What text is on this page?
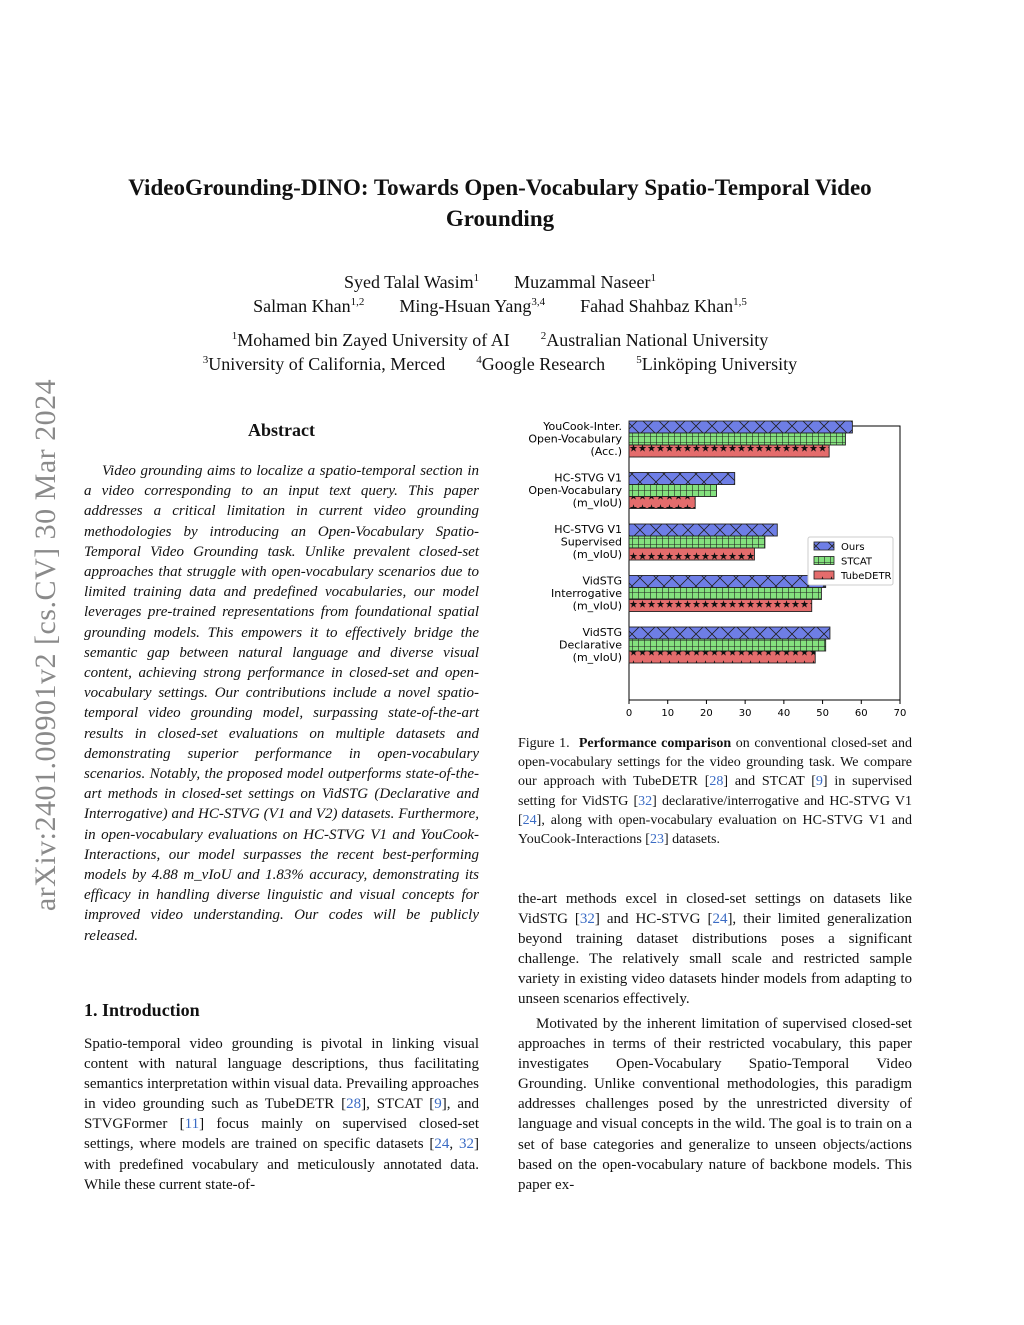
arXiv:2401.00901v2 [cs.CV] 30 Mar 2024
VideoGrounding-DINO: Towards Open-Vocabulary Spatio-Temporal Video Grounding
Syed Talal Wasim$^1$ Muzammal Naseer$^1$
Salman Khan$^{1,2}$ Ming-Hsuan Yang$^{3,4}$ Fahad Shahbaz Khan$^{1,5}$
$^1$Mohamed bin Zayed University of AI	$^2$Australian National University
$^3$University of California, Merced	$^4$Google Research	$^5$Linköping University
Abstract

Video grounding aims to localize a spatio-temporal section in a video corresponding to an input text query. This paper addresses a critical limitation in current video grounding methodologies by introducing an Open-Vocabulary Spatio-Temporal Video Grounding task. Unlike prevalent closed-set approaches that struggle with open-vocabulary scenarios due to limited training data and predefined vocabularies, our model leverages pre-trained representations from foundational spatial grounding models. This empowers it to effectively bridge the semantic gap between natural language and diverse visual content, achieving strong performance in closed-set and open-vocabulary settings. Our contributions include a novel spatio-temporal video grounding model, surpassing state-of-the-art results in closed-set evaluations on multiple datasets and demonstrating superior performance in open-vocabulary scenarios. Notably, the proposed model outperforms state-of-the-art methods in closed-set settings on VidSTG (Declarative and Interrogative) and HC-STVG (V1 and V2) datasets. Furthermore, in open-vocabulary evaluations on HC-STVG V1 and YouCook-Interactions, our model surpasses the recent best-performing models by 4.88 m_vIoU and 1.83% accuracy, demonstrating its efficacy in handling diverse linguistic and visual concepts for improved video understanding. Our codes will be publicly released.

1. Introduction

Spatio-temporal video grounding is pivotal in linking visual content with natural language descriptions, thus facilitating semantics interpretation within visual data. Prevailing approaches in video grounding such as TubeDETR [28], STCAT [9], and STVGFormer [11] focus mainly on supervised closed-set settings, where models are trained on specific datasets [24, 32] with predefined vocabulary and meticulously annotated data. While these current state-of-

YouCook-Inter.
Open-Vocabulary
(Acc.)
HC-STVG V1
Open-Vocabulary
(m_vIoU)
HC-STVG V1
Supervised
(m_vIoU)
VidSTG
Interrogative
(m_vIoU)
VidSTG
Declarative
(m_vIoU)
0	10	20	30	40	50	60	70
Ours
STCAT
TubeDETR

Figure 1. Performance comparison on conventional closed-set and open-vocabulary settings for the video grounding task. We compare our approach with TubeDETR [28] and STCAT [9] in supervised setting for VidSTG [32] declarative/interrogative and HC-STVG V1 [24], along with open-vocabulary evaluation on HC-STVG V1 and YouCook-Interactions [23] datasets.

the-art methods excel in closed-set settings on datasets like VidSTG [32] and HC-STVG [24], their limited generalization beyond training dataset distributions poses a significant challenge. The relatively small scale and restricted sample variety in existing video datasets hinder models from adapting to unseen scenarios effectively.

Motivated by the inherent limitation of supervised closed-set approaches in terms of their restricted vocabulary, this paper investigates Open-Vocabulary Spatio-Temporal Video Grounding. Unlike conventional methodologies, this paradigm addresses challenges posed by the unrestricted diversity of language and visual concepts in the wild. The goal is to train on a set of base categories and generalize to unseen objects/actions based on the open-vocabulary nature of backbone models. This paper ex-
